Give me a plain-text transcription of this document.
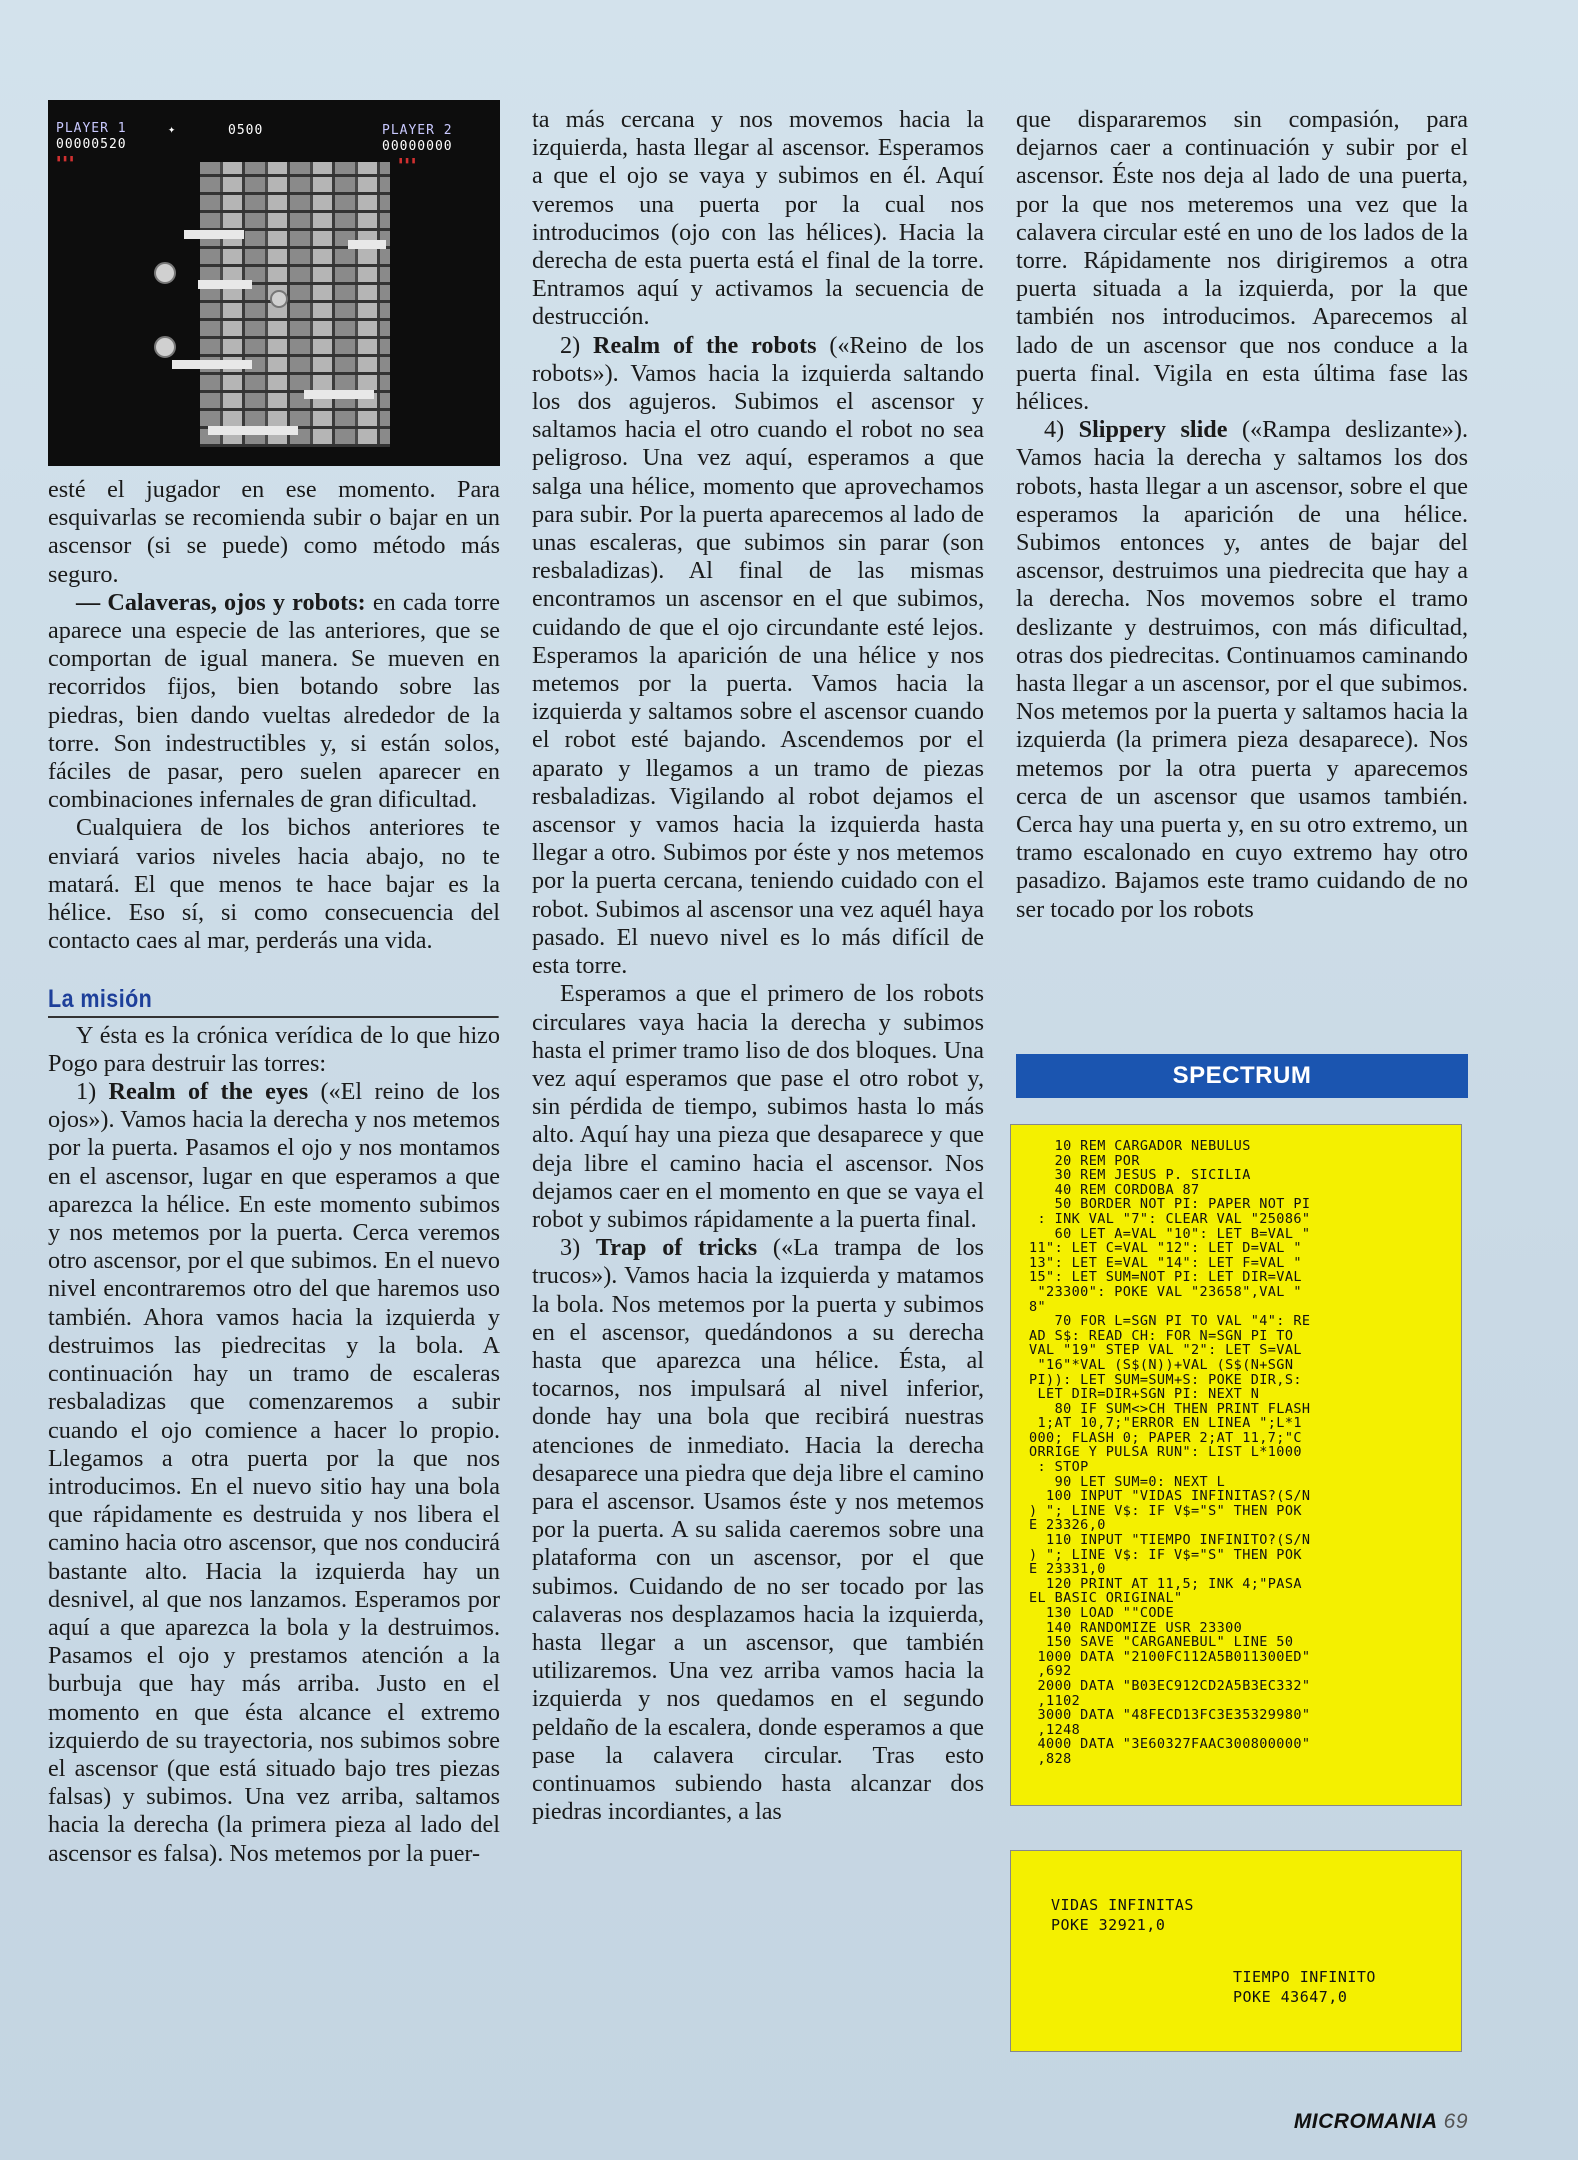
PLAYER 1	✦
00000520
▮▮▮
0500	PLAYER 2
00000000
▮▮▮

esté el jugador en ese momento. Para esquivarlas se recomienda subir o bajar en un ascensor (si se puede) como método más seguro.

— Calaveras, ojos y robots: en cada torre aparece una especie de las anteriores, que se comportan de igual manera. Se mueven en recorridos fijos, bien botando sobre las piedras, bien dando vueltas alrededor de la torre. Son indestructibles y, si están solos, fáciles de pasar, pero suelen aparecer en combinaciones infernales de gran dificultad.

Cualquiera de los bichos anteriores te enviará varios niveles hacia abajo, no te matará. El que menos te hace bajar es la hélice. Eso sí, si como consecuencia del contacto caes al mar, perderás una vida.

La misión

Y ésta es la crónica verídica de lo que hizo Pogo para destruir las torres:

1) Realm of the eyes («El reino de los ojos»). Vamos hacia la derecha y nos metemos por la puerta. Pasamos el ojo y nos montamos en el ascensor, lugar en que esperamos a que aparezca la hélice. En este momento subimos y nos metemos por la puerta. Cerca veremos otro ascensor, por el que subimos. En el nuevo nivel encontraremos otro del que haremos uso también. Ahora vamos hacia la izquierda y destruimos las piedrecitas y la bola. A continuación hay un tramo de escaleras resbaladizas que comenzaremos a subir cuando el ojo comience a hacer lo propio. Llegamos a otra puerta por la que nos introducimos. En el nuevo sitio hay una bola que rápidamente es destruida y nos libera el camino hacia otro ascensor, que nos conducirá bastante alto. Hacia la izquierda hay un desnivel, al que nos lanzamos. Esperamos por aquí a que aparezca la bola y la destruimos. Pasamos el ojo y prestamos atención a la burbuja que hay más arriba. Justo en el momento en que ésta alcance el extremo izquierdo de su trayectoria, nos subimos sobre el ascensor (que está situado bajo tres piezas falsas) y subimos. Una vez arriba, saltamos hacia la derecha (la primera pieza al lado del ascensor es falsa). Nos metemos por la puer-

ta más cercana y nos movemos hacia la izquierda, hasta llegar al ascensor. Esperamos a que el ojo se vaya y subimos en él. Aquí veremos una puerta por la cual nos introducimos (ojo con las hélices). Hacia la derecha de esta puerta está el final de la torre. Entramos aquí y activamos la secuencia de destrucción.

2) Realm of the robots («Reino de los robots»). Vamos hacia la izquierda saltando los dos agujeros. Subimos el ascensor y saltamos hacia el otro cuando el robot no sea peligroso. Una vez aquí, esperamos a que salga una hélice, momento que aprovechamos para subir. Por la puerta aparecemos al lado de unas escaleras, que subimos sin parar (son resbaladizas). Al final de las mismas encontramos un ascensor en el que subimos, cuidando de que el ojo circundante esté lejos. Esperamos la aparición de una hélice y nos metemos por la puerta. Vamos hacia la izquierda y saltamos sobre el ascensor cuando el robot esté bajando. Ascendemos por el aparato y llegamos a un tramo de piezas resbaladizas. Vigilando al robot dejamos el ascensor y vamos hacia la izquierda hasta llegar a otro. Subimos por éste y nos metemos por la puerta cercana, teniendo cuidado con el robot. Subimos al ascensor una vez aquél haya pasado. El nuevo nivel es lo más difícil de esta torre.

Esperamos a que el primero de los robots circulares vaya hacia la derecha y subimos hasta el primer tramo liso de dos bloques. Una vez aquí esperamos que pase el otro robot y, sin pérdida de tiempo, subimos hasta lo más alto. Aquí hay una pieza que desaparece y que deja libre el camino hacia el ascensor. Nos dejamos caer en el momento en que se vaya el robot y subimos rápidamente a la puerta final.

3) Trap of tricks («La trampa de los trucos»). Vamos hacia la izquierda y matamos la bola. Nos metemos por la puerta y subimos en el ascensor, quedándonos a su derecha hasta que aparezca una hélice. Ésta, al tocarnos, nos impulsará al nivel inferior, donde hay una bola que recibirá nuestras atenciones de inmediato. Hacia la derecha desaparece una piedra que deja libre el camino para el ascensor. Usamos éste y nos metemos por la puerta. A su salida caeremos sobre una plataforma con un ascensor, por el que subimos. Cuidando de no ser tocado por las calaveras nos desplazamos hacia la izquierda, hasta llegar a un ascensor, que también utilizaremos. Una vez arriba vamos hacia la izquierda y nos quedamos en el segundo peldaño de la escalera, donde esperamos a que pase la calavera circular. Tras esto continuamos subiendo hasta alcanzar dos piedras incordiantes, a las

que dispararemos sin compasión, para dejarnos caer a continuación y subir por el ascensor. Éste nos deja al lado de una puerta, por la que nos meteremos una vez que la calavera circular esté en uno de los lados de la torre. Rápidamente nos dirigiremos a otra puerta situada a la izquierda, por la que también nos introducimos. Aparecemos al lado de un ascensor que nos conduce a la puerta final. Vigila en esta última fase las hélices.

4) Slippery slide («Rampa deslizante»). Vamos hacia la derecha y saltamos los dos robots, hasta llegar a un ascensor, sobre el que esperamos la aparición de una hélice. Subimos entonces y, antes de bajar del ascensor, destruimos una piedrecita que hay a la derecha. Nos movemos sobre el tramo deslizante y destruimos, con más dificultad, otras dos piedrecitas. Continuamos caminando hasta llegar a un ascensor, por el que subimos. Nos metemos por la puerta y saltamos hacia la izquierda (la primera pieza desaparece). Nos metemos por la otra puerta y aparecemos cerca de un ascensor que usamos también. Cerca hay una puerta y, en su otro extremo, un tramo escalonado en cuyo extremo hay otro pasadizo. Bajamos este tramo cuidando de no ser tocado por los robots

SPECTRUM
10 REM CARGADOR NEBULUS
20 REM POR
30 REM JESUS P. SICILIA
40 REM CORDOBA 87
50 BORDER NOT PI: PAPER NOT PI
: INK VAL "7": CLEAR VAL "25086"
60 LET A=VAL "10": LET B=VAL "
11": LET C=VAL "12": LET D=VAL "
13": LET E=VAL "14": LET F=VAL "
15": LET SUM=NOT PI: LET DIR=VAL
"23300": POKE VAL "23658",VAL "
8"
70 FOR L=SGN PI TO VAL "4": RE
AD S$: READ CH: FOR N=SGN PI TO
VAL "19" STEP VAL "2": LET S=VAL
"16"*VAL (S$(N))+VAL (S$(N+SGN
PI)): LET SUM=SUM+S: POKE DIR,S:
LET DIR=DIR+SGN PI: NEXT N
80 IF SUM<>CH THEN PRINT FLASH
1;AT 10,7;"ERROR EN LINEA ";L*1
000; FLASH 0; PAPER 2;AT 11,7;"C
ORRIGE Y PULSA RUN": LIST L*1000
: STOP
90 LET SUM=0: NEXT L
100 INPUT "VIDAS INFINITAS?(S/N
) "; LINE V$: IF V$="S" THEN POK
E 23326,0
110 INPUT "TIEMPO INFINITO?(S/N
) "; LINE V$: IF V$="S" THEN POK
E 23331,0
120 PRINT AT 11,5; INK 4;"PASA
EL BASIC ORIGINAL"
130 LOAD ""CODE
140 RANDOMIZE USR 23300
150 SAVE "CARGANEBUL" LINE 50
1000 DATA "2100FC112A5B011300ED"
,692
2000 DATA "B03EC912CD2A5B3EC332"
,1102
3000 DATA "48FECD13FC3E35329980"
,1248
4000 DATA "3E60327FAAC300800000"
,828
VIDAS INFINITAS
POKE 32921,0
TIEMPO INFINITO
POKE 43647,0
MICROMANIA 69
